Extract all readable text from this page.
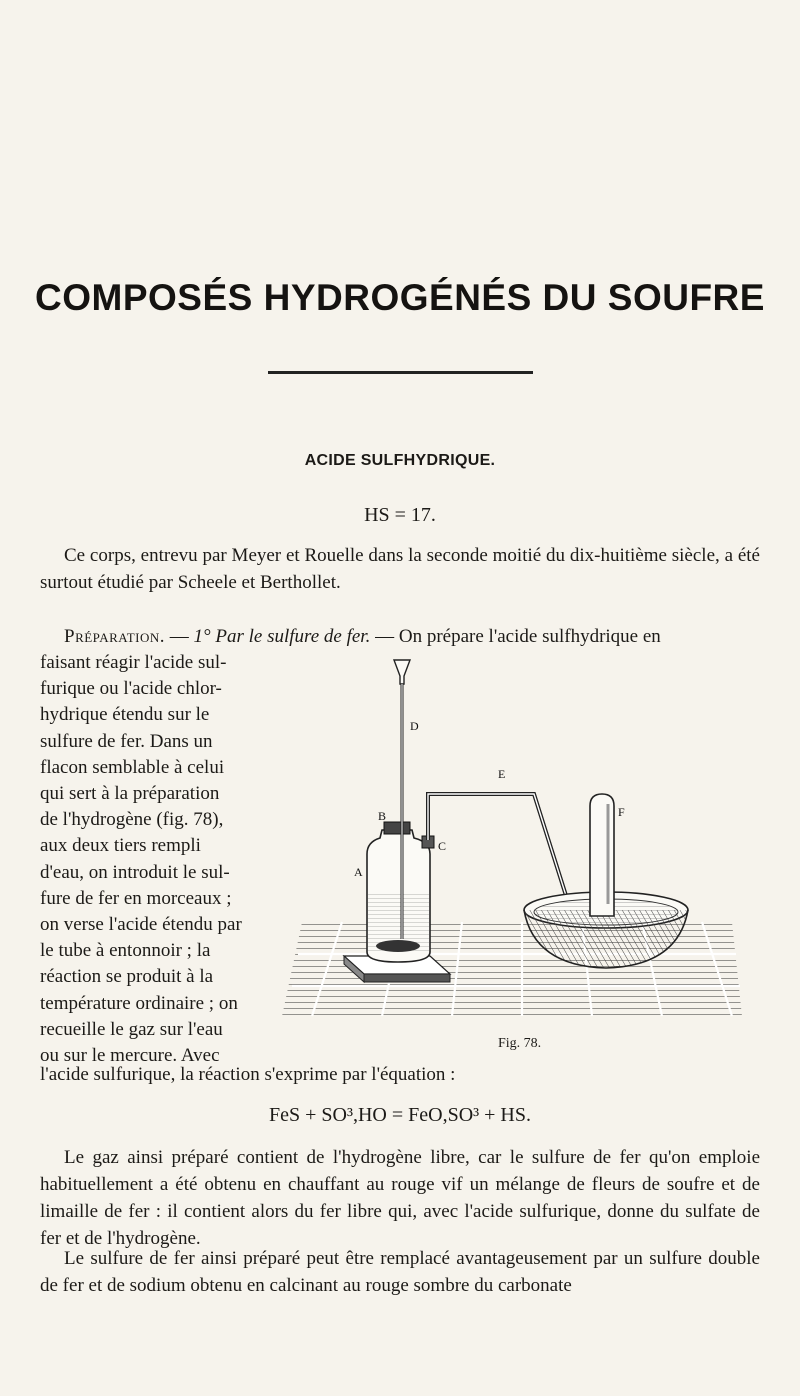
COMPOSÉS HYDROGÉNÉS DU SOUFRE
ACIDE SULFHYDRIQUE.
HS = 17.

Ce corps, entrevu par Meyer et Rouelle dans la seconde moitié du dix-huitième siècle, a été surtout étudié par Scheele et Berthollet.

Préparation. — 1° Par le sulfure de fer. — On prépare l'acide sulfhydrique en
faisant réagir l'acide sul-
furique ou l'acide chlor-
hydrique étendu sur le
sulfure de fer. Dans un
flacon semblable à celui
qui sert à la préparation
de l'hydrogène (fig. 78),
aux deux tiers rempli
d'eau, on introduit le sul-
fure de fer en morceaux ;
on verse l'acide étendu par
le tube à entonnoir ; la
réaction se produit à la
température ordinaire ; on
recueille le gaz sur l'eau
ou sur le mercure. Avec
D
E
F
B
C
A
Fig. 78.
l'acide sulfurique, la réaction s'exprime par l'équation :
FeS + SO³,HO = FeO,SO³ + HS.

Le gaz ainsi préparé contient de l'hydrogène libre, car le sulfure de fer qu'on emploie habituellement a été obtenu en chauffant au rouge vif un mélange de fleurs de soufre et de limaille de fer : il contient alors du fer libre qui, avec l'acide sulfurique, donne du sulfate de fer et de l'hydrogène.

Le sulfure de fer ainsi préparé peut être remplacé avantageusement par un sulfure double de fer et de sodium obtenu en calcinant au rouge sombre du carbonate
